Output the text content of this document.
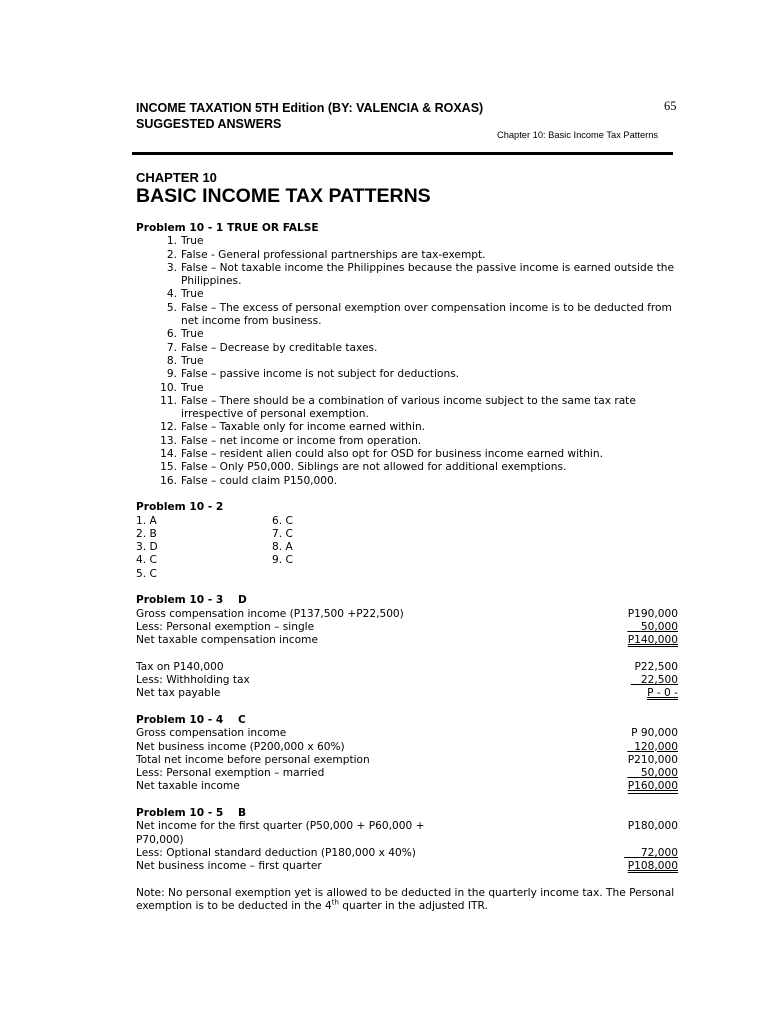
INCOME TAXATION 5TH Edition (BY: VALENCIA & ROXAS)
SUGGESTED ANSWERS
65
Chapter 10: Basic Income Tax Patterns
CHAPTER 10
BASIC INCOME TAX PATTERNS
Problem 10 - 1 TRUE OR FALSE
1. True
2. False - General professional partnerships are tax-exempt.
3. False – Not taxable income the Philippines because the passive income is earned outside the Philippines.
4. True
5. False – The excess of personal exemption over compensation income is to be deducted from net income from business.
6. True
7. False – Decrease by creditable taxes.
8. True
9. False – passive income is not subject for deductions.
10. True
11. False – There should be a combination of various income subject to the same tax rate irrespective of personal exemption.
12. False – Taxable only for income earned within.
13. False – net income or income from operation.
14. False – resident alien could also opt for OSD for business income earned within.
15. False – Only P50,000. Siblings are not allowed for additional exemptions.
16. False – could claim P150,000.
Problem 10 - 2
1. A
2. B
3. D
4. C
5. C
6. C
7. C
8. A
9. C
Problem 10 - 3 D
Gross compensation income (P137,500 +P22,500)	P190,000
Less: Personal exemption – single	50,000
Net taxable compensation income	P140,000
Tax on P140,000	P22,500
Less: Withholding tax	22,500
Net tax payable	P - 0 -
Problem 10 - 4 C
Gross compensation income	P 90,000
Net business income (P200,000 x 60%)	120,000
Total net income before personal exemption	P210,000
Less: Personal exemption – married	50,000
Net taxable income	P160,000
Problem 10 - 5 B
Net income for the first quarter (P50,000 + P60,000 + P70,000)
P180,000
Less: Optional standard deduction (P180,000 x 40%)	72,000
Net business income – first quarter	P108,000
Note: No personal exemption yet is allowed to be deducted in the quarterly income tax. The Personal exemption is to be deducted in the 4th quarter in the adjusted ITR.
